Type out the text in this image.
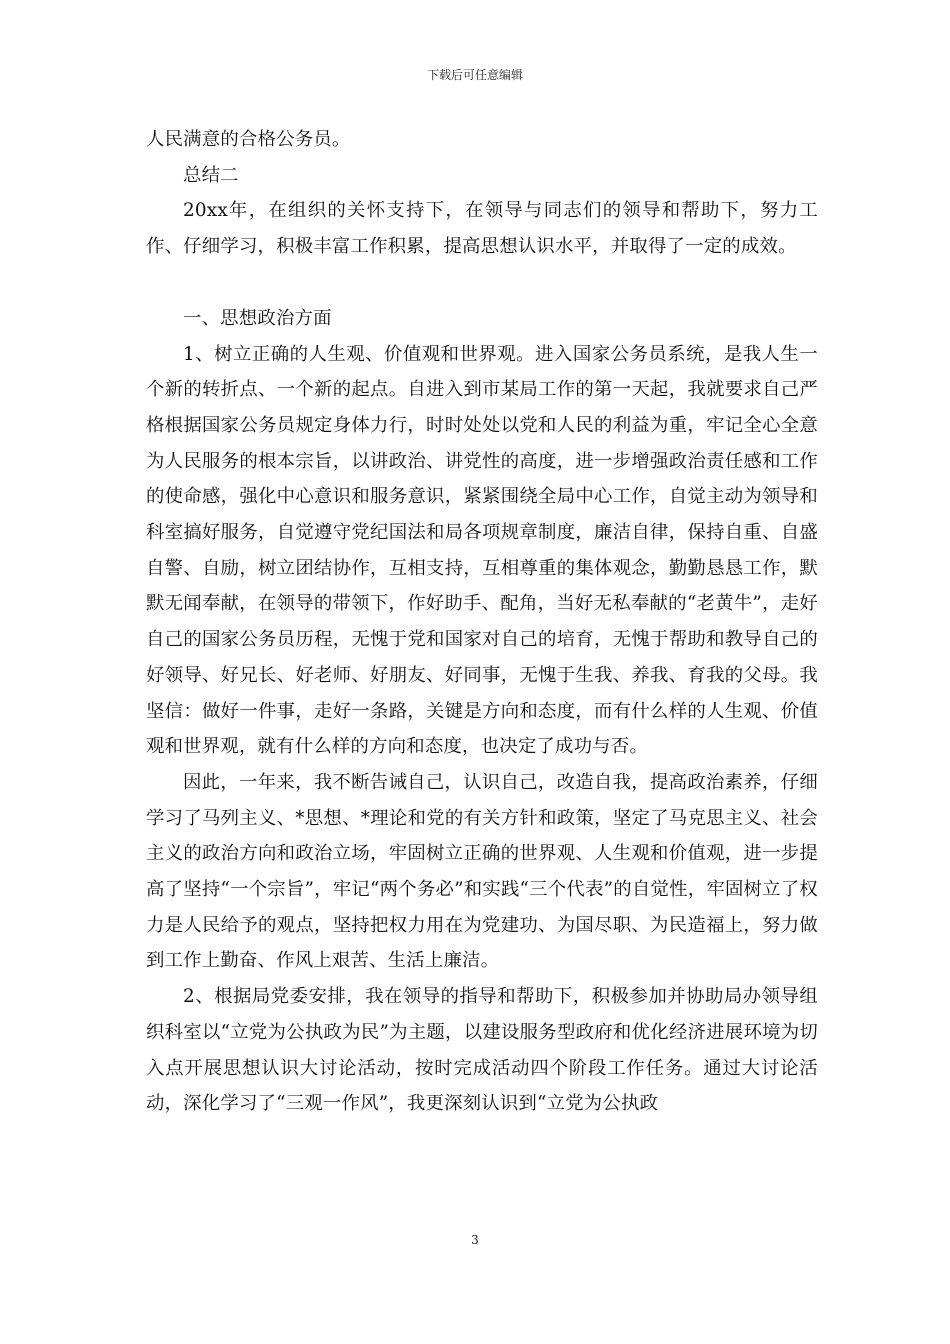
下载后可任意编辑

人民满意的合格公务员。

总结二

20xx年，在组织的关怀支持下，在领导与同志们的领导和帮助下，努力工作、仔细学习，积极丰富工作积累，提高思想认识水平，并取得了一定的成效。

一、思想政治方面

1、树立正确的人生观、价值观和世界观。进入国家公务员系统，是我人生一个新的转折点、一个新的起点。自进入到市某局工作的第一天起，我就要求自己严格根据国家公务员规定身体力行，时时处处以党和人民的利益为重，牢记全心全意为人民服务的根本宗旨，以讲政治、讲党性的高度，进一步增强政治责任感和工作的使命感，强化中心意识和服务意识，紧紧围绕全局中心工作，自觉主动为领导和科室搞好服务，自觉遵守党纪国法和局各项规章制度，廉洁自律，保持自重、自盛自警、自励，树立团结协作，互相支持，互相尊重的集体观念，勤勤恳恳工作，默默无闻奉献，在领导的带领下，作好助手、配角，当好无私奉献的“老黄牛”，走好自己的国家公务员历程，无愧于党和国家对自己的培育，无愧于帮助和教导自己的好领导、好兄长、好老师、好朋友、好同事，无愧于生我、养我、育我的父母。我坚信：做好一件事，走好一条路，关键是方向和态度，而有什么样的人生观、价值观和世界观，就有什么样的方向和态度，也决定了成功与否。

因此，一年来，我不断告诫自己，认识自己，改造自我，提高政治素养，仔细学习了马列主义、*思想、*理论和党的有关方针和政策，坚定了马克思主义、社会主义的政治方向和政治立场，牢固树立正确的世界观、人生观和价值观，进一步提高了坚持“一个宗旨”，牢记“两个务必”和实践“三个代表”的自觉性，牢固树立了权力是人民给予的观点，坚持把权力用在为党建功、为国尽职、为民造福上，努力做到工作上勤奋、作风上艰苦、生活上廉洁。

2、根据局党委安排，我在领导的指导和帮助下，积极参加并协助局办领导组织科室以“立党为公执政为民”为主题，以建设服务型政府和优化经济进展环境为切入点开展思想认识大讨论活动，按时完成活动四个阶段工作任务。通过大讨论活动，深化学习了“三观一作风”，我更深刻认识到“立党为公执政

3
